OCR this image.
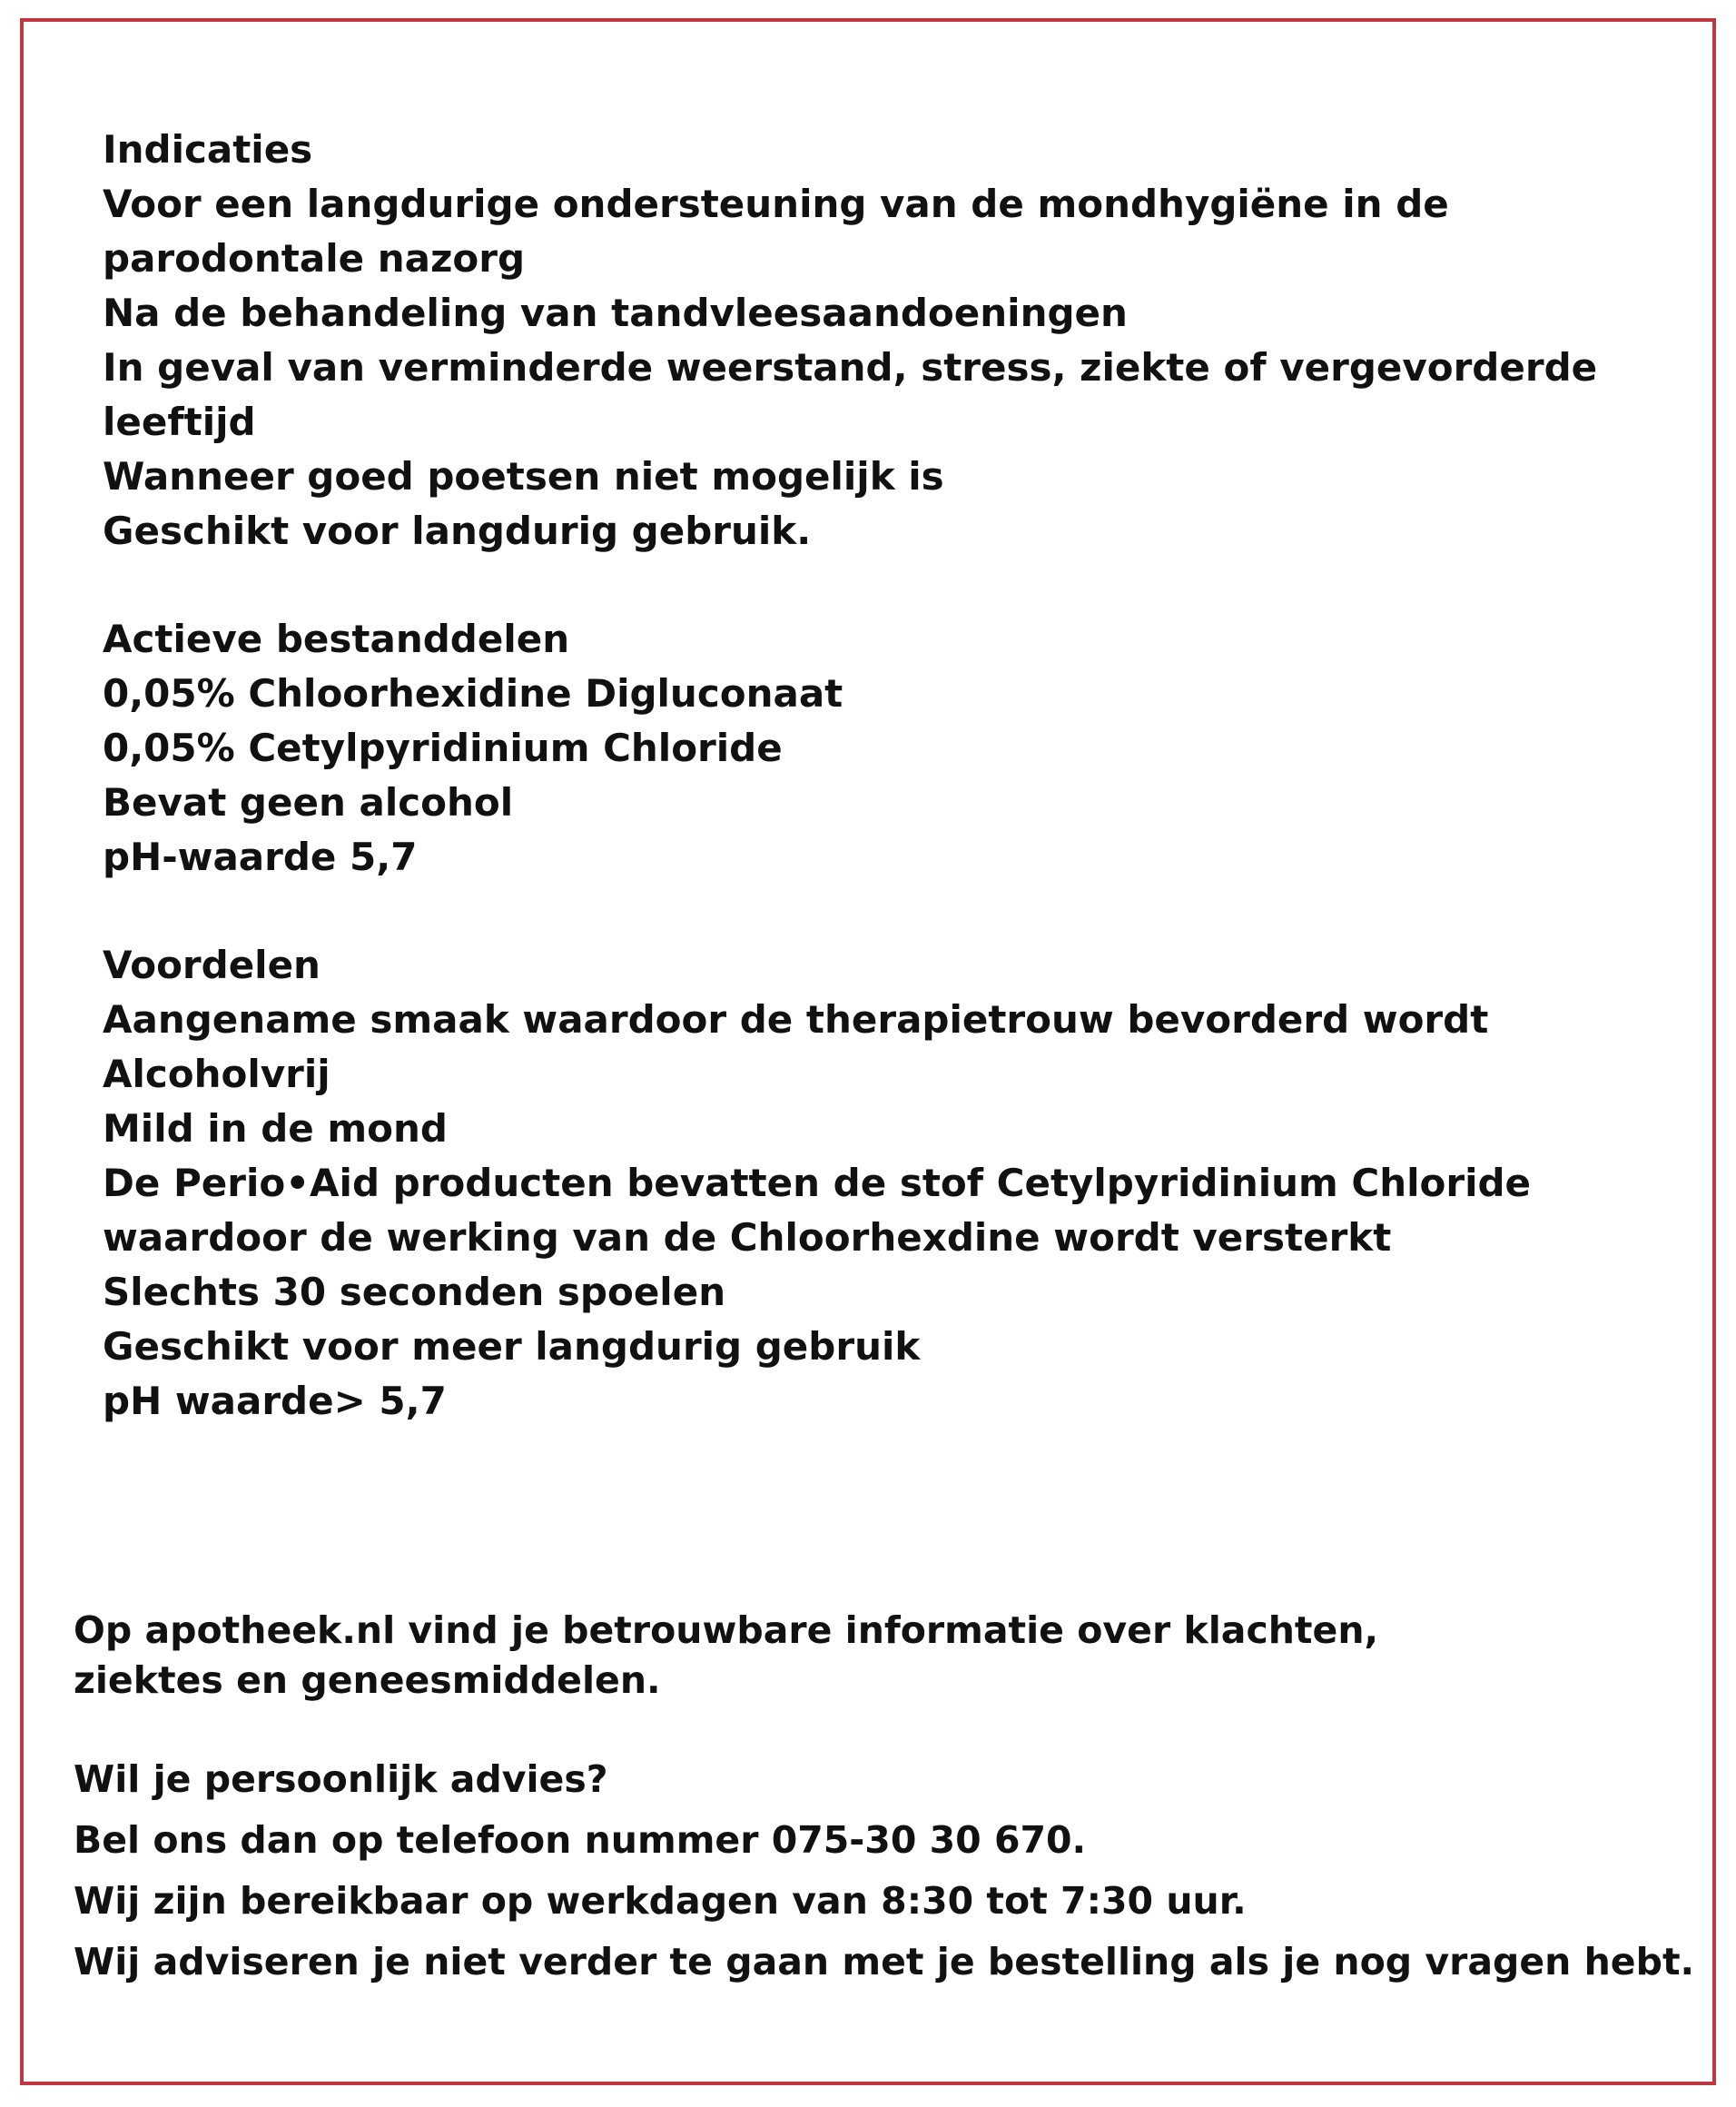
Indicaties
Voor een langdurige ondersteuning van de mondhygiëne in de
parodontale nazorg
Na de behandeling van tandvleesaandoeningen
In geval van verminderde weerstand, stress, ziekte of vergevorderde
leeftijd
Wanneer goed poetsen niet mogelijk is
Geschikt voor langdurig gebruik.
Actieve bestanddelen
0,05% Chloorhexidine Digluconaat
0,05% Cetylpyridinium Chloride
Bevat geen alcohol
pH-waarde 5,7
Voordelen
Aangename smaak waardoor de therapietrouw bevorderd wordt
Alcoholvrij
Mild in de mond
De Perio•Aid producten bevatten de stof Cetylpyridinium Chloride
waardoor de werking van de Chloorhexdine wordt versterkt
Slechts 30 seconden spoelen
Geschikt voor meer langdurig gebruik
pH waarde> 5,7
Op apotheek.nl vind je betrouwbare informatie over klachten, ziektes en geneesmiddelen.
Wil je persoonlijk advies?
Bel ons dan op telefoon nummer 075-30 30 670.
Wij zijn bereikbaar op werkdagen van 8:30 tot 7:30 uur.
Wij adviseren je niet verder te gaan met je bestelling als je nog vragen hebt.
